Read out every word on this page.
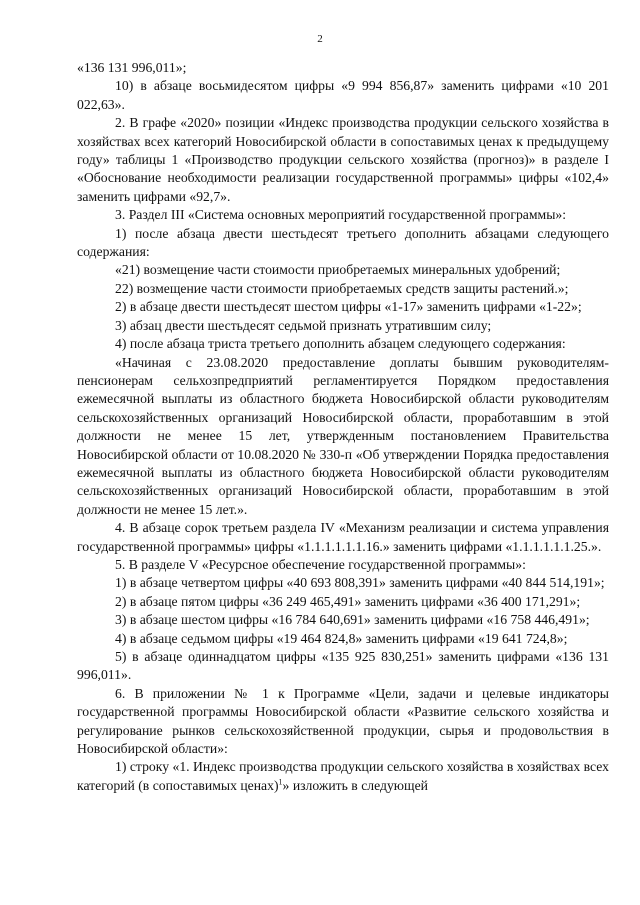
2

«136 131 996,011»;

10) в абзаце восьмидесятом цифры «9 994 856,87» заменить цифрами «10 201 022,63».

2. В графе «2020» позиции «Индекс производства продукции сельского хозяйства в хозяйствах всех категорий Новосибирской области в сопоставимых ценах к предыдущему году» таблицы 1 «Производство продукции сельского хозяйства (прогноз)» в разделе I «Обоснование необходимости реализации государственной программы» цифры «102,4» заменить цифрами «92,7».

3. Раздел III «Система основных мероприятий государственной программы»:

1) после абзаца двести шестьдесят третьего дополнить абзацами следующего содержания:

«21) возмещение части стоимости приобретаемых минеральных удобрений;

22) возмещение части стоимости приобретаемых средств защиты растений.»;

2) в абзаце двести шестьдесят шестом цифры «1-17» заменить цифрами «1-22»;

3) абзац двести шестьдесят седьмой признать утратившим силу;

4) после абзаца триста третьего дополнить абзацем следующего содержания:

«Начиная с 23.08.2020 предоставление доплаты бывшим руководителям-пенсионерам сельхозпредприятий регламентируется Порядком предоставления ежемесячной выплаты из областного бюджета Новосибирской области руководителям сельскохозяйственных организаций Новосибирской области, проработавшим в этой должности не менее 15 лет, утвержденным постановлением Правительства Новосибирской области от 10.08.2020 № 330-п «Об утверждении Порядка предоставления ежемесячной выплаты из областного бюджета Новосибирской области руководителям сельскохозяйственных организаций Новосибирской области, проработавшим в этой должности не менее 15 лет.».

4. В абзаце сорок третьем раздела IV «Механизм реализации и система управления государственной программы» цифры «1.1.1.1.1.1.16.» заменить цифрами «1.1.1.1.1.1.25.».

5. В разделе V «Ресурсное обеспечение государственной программы»:

1) в абзаце четвертом цифры «40 693 808,391» заменить цифрами «40 844 514,191»;

2) в абзаце пятом цифры «36 249 465,491» заменить цифрами «36 400 171,291»;

3) в абзаце шестом цифры «16 784 640,691» заменить цифрами «16 758 446,491»;

4) в абзаце седьмом цифры «19 464 824,8» заменить цифрами «19 641 724,8»;

5) в абзаце одиннадцатом цифры «135 925 830,251» заменить цифрами «136 131 996,011».

6. В приложении № 1 к Программе «Цели, задачи и целевые индикаторы государственной программы Новосибирской области «Развитие сельского хозяйства и регулирование рынков сельскохозяйственной продукции, сырья и продовольствия в Новосибирской области»:

1) строку «1. Индекс производства продукции сельского хозяйства в хозяйствах всех категорий (в сопоставимых ценах)$^1$» изложить в следующей
